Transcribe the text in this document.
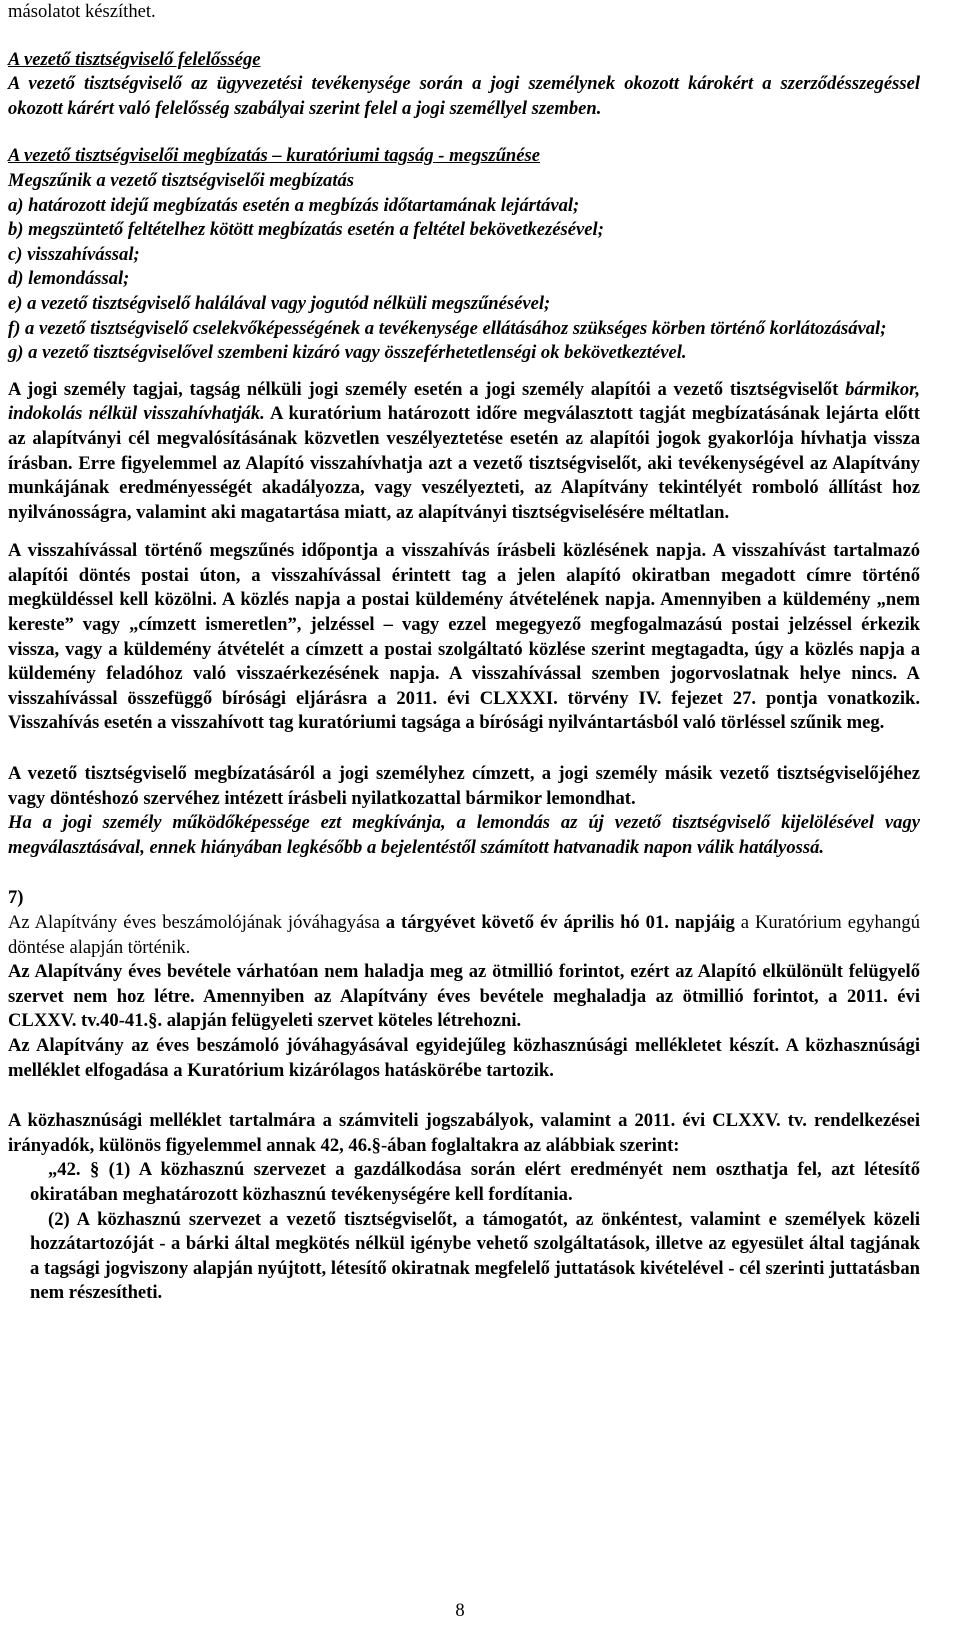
másolatot készíthet.

A vezető tisztségviselő felelőssége

A vezető tisztségviselő az ügyvezetési tevékenysége során a jogi személynek okozott károkért a szerződésszegéssel okozott kárért való felelősség szabályai szerint felel a jogi személlyel szemben.

A vezető tisztségviselői megbízatás – kuratóriumi tagság - megszűnése

Megszűnik a vezető tisztségviselői megbízatás

a) határozott idejű megbízatás esetén a megbízás időtartamának lejártával;

b) megszüntető feltételhez kötött megbízatás esetén a feltétel bekövetkezésével;

c) visszahívással;

d) lemondással;

e) a vezető tisztségviselő halálával vagy jogutód nélküli megszűnésével;

f) a vezető tisztségviselő cselekvőképességének a tevékenysége ellátásához szükséges körben történő korlátozásával;

g) a vezető tisztségviselővel szembeni kizáró vagy összeférhetetlenségi ok bekövetkeztével.

A jogi személy tagjai, tagság nélküli jogi személy esetén a jogi személy alapítói a vezető tisztségviselőt bármikor, indokolás nélkül visszahívhatják. A kuratórium határozott időre megválasztott tagját megbízatásának lejárta előtt az alapítványi cél megvalósításának közvetlen veszélyeztetése esetén az alapítói jogok gyakorlója hívhatja vissza írásban. Erre figyelemmel az Alapító visszahívhatja azt a vezető tisztségviselőt, aki tevékenységével az Alapítvány munkájának eredményességét akadályozza, vagy veszélyezteti, az Alapítvány tekintélyét romboló állítást hoz nyilvánosságra, valamint aki magatartása miatt, az alapítványi tisztségviselésére méltatlan.

A visszahívással történő megszűnés időpontja a visszahívás írásbeli közlésének napja. A visszahívást tartalmazó alapítói döntés postai úton, a visszahívással érintett tag a jelen alapító okiratban megadott címre történő megküldéssel kell közölni. A közlés napja a postai küldemény átvételének napja. Amennyiben a küldemény „nem kereste” vagy „címzett ismeretlen”, jelzéssel – vagy ezzel megegyező megfogalmazású postai jelzéssel érkezik vissza, vagy a küldemény átvételét a címzett a postai szolgáltató közlése szerint megtagadta, úgy a közlés napja a küldemény feladóhoz való visszaérkezésének napja. A visszahívással szemben jogorvoslatnak helye nincs. A visszahívással összefüggő bírósági eljárásra a 2011. évi CLXXXI. törvény IV. fejezet 27. pontja vonatkozik. Visszahívás esetén a visszahívott tag kuratóriumi tagsága a bírósági nyilvántartásból való törléssel szűnik meg.

A vezető tisztségviselő megbízatásáról a jogi személyhez címzett, a jogi személy másik vezető tisztségviselőjéhez vagy döntéshozó szervéhez intézett írásbeli nyilatkozattal bármikor lemondhat.

Ha a jogi személy működőképessége ezt megkívánja, a lemondás az új vezető tisztségviselő kijelölésével vagy megválasztásával, ennek hiányában legkésőbb a bejelentéstől számított hatvanadik napon válik hatályossá.

7)

Az Alapítvány éves beszámolójának jóváhagyása a tárgyévet követő év április hó 01. napjáig a Kuratórium egyhangú döntése alapján történik.

Az Alapítvány éves bevétele várhatóan nem haladja meg az ötmillió forintot, ezért az Alapító elkülönült felügyelő szervet nem hoz létre. Amennyiben az Alapítvány éves bevétele meghaladja az ötmillió forintot, a 2011. évi CLXXV. tv.40-41.§. alapján felügyeleti szervet köteles létrehozni.

Az Alapítvány az éves beszámoló jóváhagyásával egyidejűleg közhasznúsági mellékletet készít. A közhasznúsági melléklet elfogadása a Kuratórium kizárólagos hatáskörébe tartozik.

A közhasznúsági melléklet tartalmára a számviteli jogszabályok, valamint a 2011. évi CLXXV. tv. rendelkezései irányadók, különös figyelemmel annak 42, 46.§-ában foglaltakra az alábbiak szerint:

„42. § (1) A közhasznú szervezet a gazdálkodása során elért eredményét nem oszthatja fel, azt létesítő okiratában meghatározott közhasznú tevékenységére kell fordítania.

(2) A közhasznú szervezet a vezető tisztségviselőt, a támogatót, az önkéntest, valamint e személyek közeli hozzátartozóját - a bárki által megkötés nélkül igénybe vehető szolgáltatások, illetve az egyesület által tagjának a tagsági jogviszony alapján nyújtott, létesítő okiratnak megfelelő juttatások kivételével - cél szerinti juttatásban nem részesítheti.

8
